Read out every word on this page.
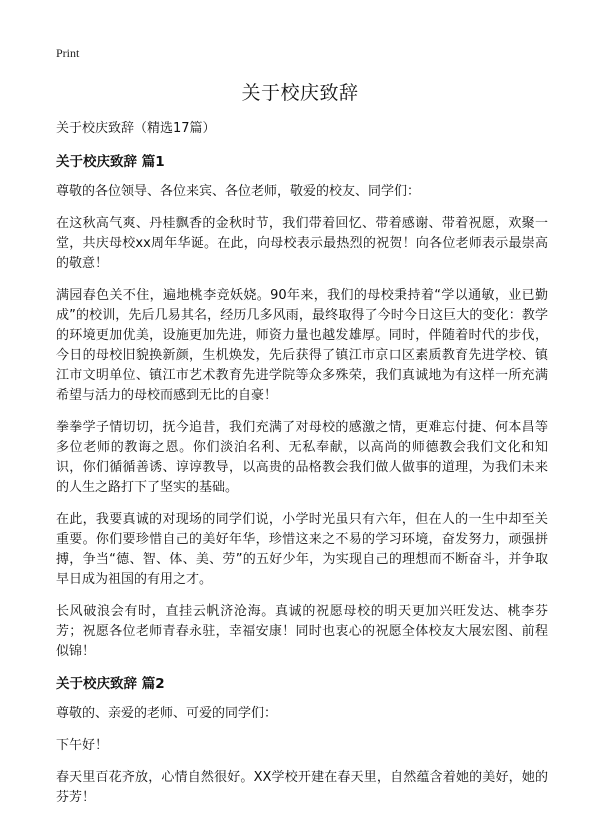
Print
关于校庆致辞

关于校庆致辞（精选17篇）

关于校庆致辞 篇1

尊敬的各位领导、各位来宾、各位老师，敬爱的校友、同学们：

在这秋高气爽、丹桂飘香的金秋时节，我们带着回忆、带着感谢、带着祝愿，欢聚一堂，共庆母校xx周年华诞。在此，向母校表示最热烈的祝贺！向各位老师表示最崇高的敬意！

满园春色关不住，遍地桃李竞妖娆。90年来，我们的母校秉持着“学以通敏，业已勤成”的校训，先后几易其名，经历几多风雨，最终取得了今时今日这巨大的变化：教学的环境更加优美，设施更加先进，师资力量也越发雄厚。同时，伴随着时代的步伐，今日的母校旧貌换新颜，生机焕发，先后获得了镇江市京口区素质教育先进学校、镇江市文明单位、镇江市艺术教育先进学院等众多殊荣，我们真诚地为有这样一所充满希望与活力的母校而感到无比的自豪！

拳拳学子情切切，抚今追昔，我们充满了对母校的感激之情，更难忘付捷、何本昌等多位老师的教诲之恩。你们淡泊名利、无私奉献，以高尚的师德教会我们文化和知识，你们循循善诱、谆谆教导，以高贵的品格教会我们做人做事的道理，为我们未来的人生之路打下了坚实的基础。

在此，我要真诚的对现场的同学们说，小学时光虽只有六年，但在人的一生中却至关重要。你们要珍惜自己的美好年华，珍惜这来之不易的学习环境，奋发努力，顽强拼搏，争当“德、智、体、美、劳”的五好少年，为实现自己的理想而不断奋斗，并争取早日成为祖国的有用之才。

长风破浪会有时，直挂云帆济沧海。真诚的祝愿母校的明天更加兴旺发达、桃李芬芳；祝愿各位老师青春永驻，幸福安康！同时也衷心的祝愿全体校友大展宏图、前程似锦！

关于校庆致辞 篇2

尊敬的、亲爱的老师、可爱的同学们：

下午好！

春天里百花齐放，心情自然很好。XX学校开建在春天里，自然蕴含着她的美好，她的芬芳！
